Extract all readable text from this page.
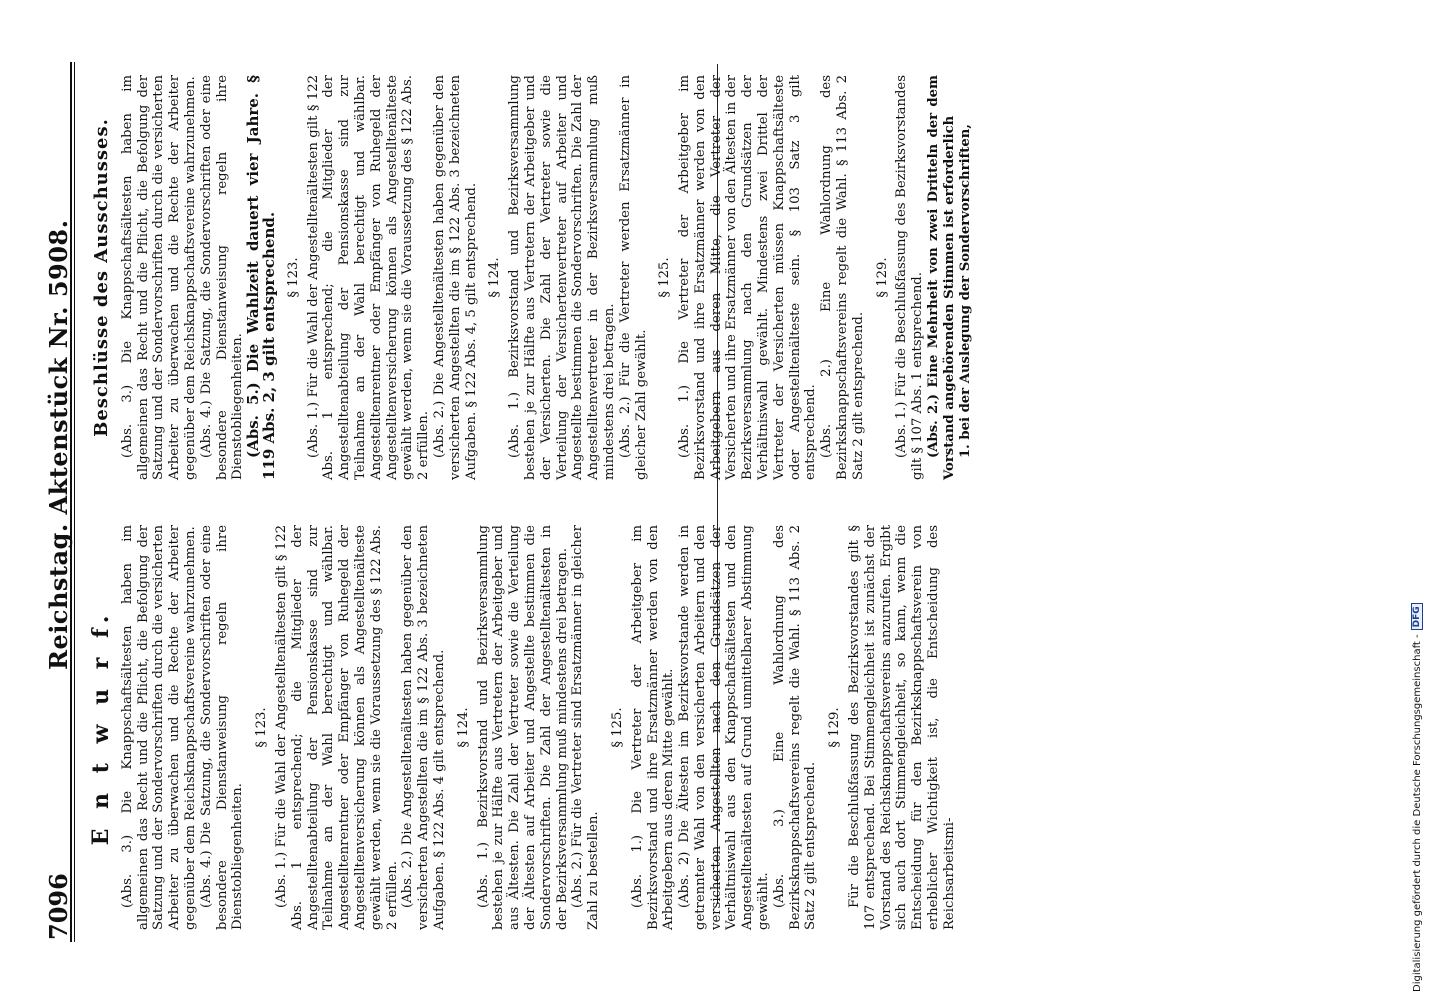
7096
Reichstag. Aktenstück Nr. 5908.
E n t w u r f. (Abs. 3.) Die Knappschaftsältesten haben im allgemeinen das Recht und die Pflicht, die Befolgung der Satzung und der Sondervorschriften durch die versicherten Arbeiter zu überwachen und die Rechte der Arbeiter gegenüber dem Reichsknappschaftsvereine wahrzunehmen. (Abs. 4.) Die Satzung, die Sondervorschriften oder eine besondere Dienstanweisung regeln ihre Dienstobliegenheiten.

§ 123. (Abs. 1.) Für die Wahl der Angestelltenältesten gilt § 122 Abs. 1 entsprechend; die Mitglieder der Angestelltenabteilung der Pensionskasse sind zur Teilnahme an der Wahl berechtigt und wählbar. Angestelltenrentner oder Empfänger von Ruhegeld der Angestelltenversicherung können als Angestelltenälteste gewählt werden, wenn sie die Voraussetzung des § 122 Abs. 2 erfüllen. (Abs. 2.) Die Angestelltenältesten haben gegenüber den versicherten Angestellten die im § 122 Abs. 3 bezeichneten Aufgaben. § 122 Abs. 4 gilt entsprechend. § 124. (Abs. 1.) Bezirksvorstand und Bezirksversammlung bestehen je zur Hälfte aus Vertretern der Arbeitgeber und aus Ältesten. Die Zahl der Vertreter sowie die Verteilung der Ältesten auf Arbeiter und Angestellte bestimmen die Sondervorschriften. Die Zahl der Angestelltenältesten in der Bezirksversammlung muß mindestens drei betragen. (Abs. 2.) Für die Vertreter sind Ersatzmänner in gleicher Zahl zu bestellen.

§ 125. (Abs. 1.) Die Vertreter der Arbeitgeber im Bezirksvorstand und ihre Ersatzmänner werden von den Arbeitgebern aus deren Mitte gewählt. (Abs. 2) Die Ältesten im Bezirksvorstande werden in getrennter Wahl von den versicherten Arbeitern und den versicherten Angestellten nach den Grundsätzen der Verhältniswahl aus den Knappschaftsältesten und den Angestelltenältesten auf Grund unmittelbarer Abstimmung gewählt. (Abs. 3.) Eine Wahlordnung des Bezirksknappschaftsvereins regelt die Wahl. § 113 Abs. 2 Satz 2 gilt entsprechend.

§ 129. Für die Beschlußfassung des Bezirksvorstandes gilt § 107 entsprechend. Bei Stimmengleichheit ist zunächst der Vorstand des Reichsknappschaftsvereins anzurufen. Ergibt sich auch dort Stimmengleichheit, so kann, wenn die Entscheidung für den Bezirksknappschaftsverein von erheblicher Wichtigkeit ist, die Entscheidung des Reichsarbeitsmi-

Beschlüsse des Ausschusses. (Abs. 3.) Die Knappschaftsältesten haben im allgemeinen das Recht und die Pflicht, die Befolgung der Satzung und der Sondervorschriften durch die versicherten Arbeiter zu überwachen und die Rechte der Arbeiter gegenüber dem Reichsknappschaftsvereine wahrzunehmen. (Abs. 4.) Die Satzung, die Sondervorschriften oder eine besondere Dienstanweisung regeln ihre Dienstobliegenheiten.

(Abs. 5.) Die Wahlzeit dauert vier Jahre. § 119 Abs. 2, 3 gilt entsprechend. § 123. (Abs. 1.) Für die Wahl der Angestelltenältesten gilt § 122 Abs. 1 entsprechend; die Mitglieder der Angestelltenabteilung der Pensionskasse sind zur Teilnahme an der Wahl berechtigt und wählbar. Angestelltenrentner oder Empfänger von Ruhegeld der Angestelltenversicherung können als Angestelltenälteste gewählt werden, wenn sie die Voraussetzung des § 122 Abs. 2 erfüllen. (Abs. 2.) Die Angestelltenältesten haben gegenüber den versicherten Angestellten die im § 122 Abs. 3 bezeichneten Aufgaben. § 122 Abs. 4, 5 gilt entsprechend. § 124. (Abs. 1.) Bezirksvorstand und Bezirksversammlung bestehen je zur Hälfte aus Vertretern der Arbeitgeber und der Versicherten. Die Zahl der Vertreter sowie die Verteilung der Versichertenvertreter auf Arbeiter und Angestellte bestimmen die Sondervorschriften. Die Zahl der Angestelltenvertreter in der Bezirksversammlung muß mindestens drei betragen. (Abs. 2.) Für die Vertreter werden Ersatzmänner in gleicher Zahl gewählt.

§ 125. (Abs. 1.) Die Vertreter der Arbeitgeber im Bezirksvorstand und ihre Ersatzmänner werden von den Arbeitgebern aus deren Mitte, die Vertreter der Versicherten und ihre Ersatzmänner von den Ältesten in der Bezirksversammlung nach den Grundsätzen der Verhältniswahl gewählt. Mindestens zwei Drittel der Vertreter der Versicherten müssen Knappschaftsälteste oder Angestelltenälteste sein. § 103 Satz 3 gilt entsprechend. (Abs. 2.) Eine Wahlordnung des Bezirksknappschaftsvereins regelt die Wahl. § 113 Abs. 2 Satz 2 gilt entsprechend.

§ 129. (Abs. 1.) Für die Beschlußfassung des Bezirksvorstandes gilt § 107 Abs. 1 entsprechend. (Abs. 2.) Eine Mehrheit von zwei Dritteln der dem Vorstand angehörenden Stimmen ist erforderlich 1. bei der Auslegung der Sondervorschriften,

Digitalisierung gefördert durch die Deutsche Forschungsgemeinschaft -
DFG
